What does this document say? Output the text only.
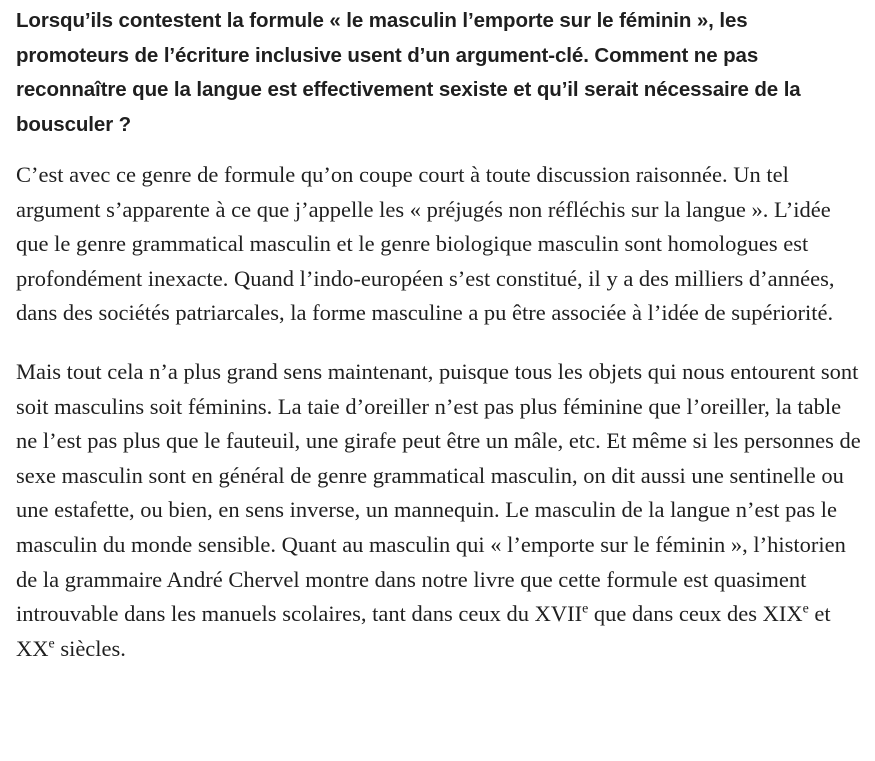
Lorsqu’ils contestent la formule « le masculin l’emporte sur le féminin », les promoteurs de l’écriture inclusive usent d’un argument-clé. Comment ne pas reconnaître que la langue est effectivement sexiste et qu’il serait nécessaire de la bousculer ?

C’est avec ce genre de formule qu’on coupe court à toute discussion raisonnée. Un tel argument s’apparente à ce que j’appelle les « préjugés non réfléchis sur la langue ». L’idée que le genre grammatical masculin et le genre biologique masculin sont homologues est profondément inexacte. Quand l’indo-européen s’est constitué, il y a des milliers d’années, dans des sociétés patriarcales, la forme masculine a pu être associée à l’idée de supériorité.

Mais tout cela n’a plus grand sens maintenant, puisque tous les objets qui nous entourent sont soit masculins soit féminins. La taie d’oreiller n’est pas plus féminine que l’oreiller, la table ne l’est pas plus que le fauteuil, une girafe peut être un mâle, etc. Et même si les personnes de sexe masculin sont en général de genre grammatical masculin, on dit aussi une sentinelle ou une estafette, ou bien, en sens inverse, un mannequin. Le masculin de la langue n’est pas le masculin du monde sensible. Quant au masculin qui « l’emporte sur le féminin », l’historien de la grammaire André Chervel montre dans notre livre que cette formule est quasiment introuvable dans les manuels scolaires, tant dans ceux du XVIIe que dans ceux des XIXe et XXe siècles.
